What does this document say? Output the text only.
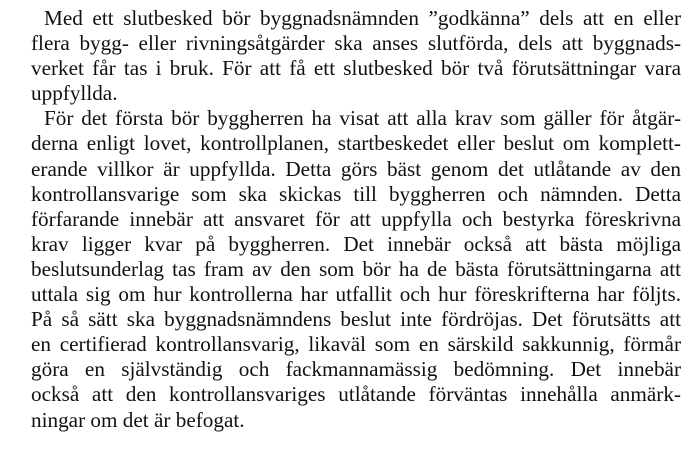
Med ett slutbesked bör byggnadsnämnden ”godkänna” dels att en eller
flera bygg- eller rivningsåtgärder ska anses slutförda, dels att byggnads-
verket får tas i bruk. För att få ett slutbesked bör två förutsättningar vara
uppfyllda.
För det första bör byggherren ha visat att alla krav som gäller för åtgär-
derna enligt lovet, kontrollplanen, startbeskedet eller beslut om komplett-
erande villkor är uppfyllda. Detta görs bäst genom det utlåtande av den
kontrollansvarige som ska skickas till byggherren och nämnden. Detta
förfarande innebär att ansvaret för att uppfylla och bestyrka föreskrivna
krav ligger kvar på byggherren. Det innebär också att bästa möjliga
beslutsunderlag tas fram av den som bör ha de bästa förutsättningarna att
uttala sig om hur kontrollerna har utfallit och hur föreskrifterna har följts.
På så sätt ska byggnadsnämndens beslut inte fördröjas. Det förutsätts att
en certifierad kontrollansvarig, likaväl som en särskild sakkunnig, förmår
göra en självständig och fackmannamässig bedömning. Det innebär
också att den kontrollansvariges utlåtande förväntas innehålla anmärk-
ningar om det är befogat.
